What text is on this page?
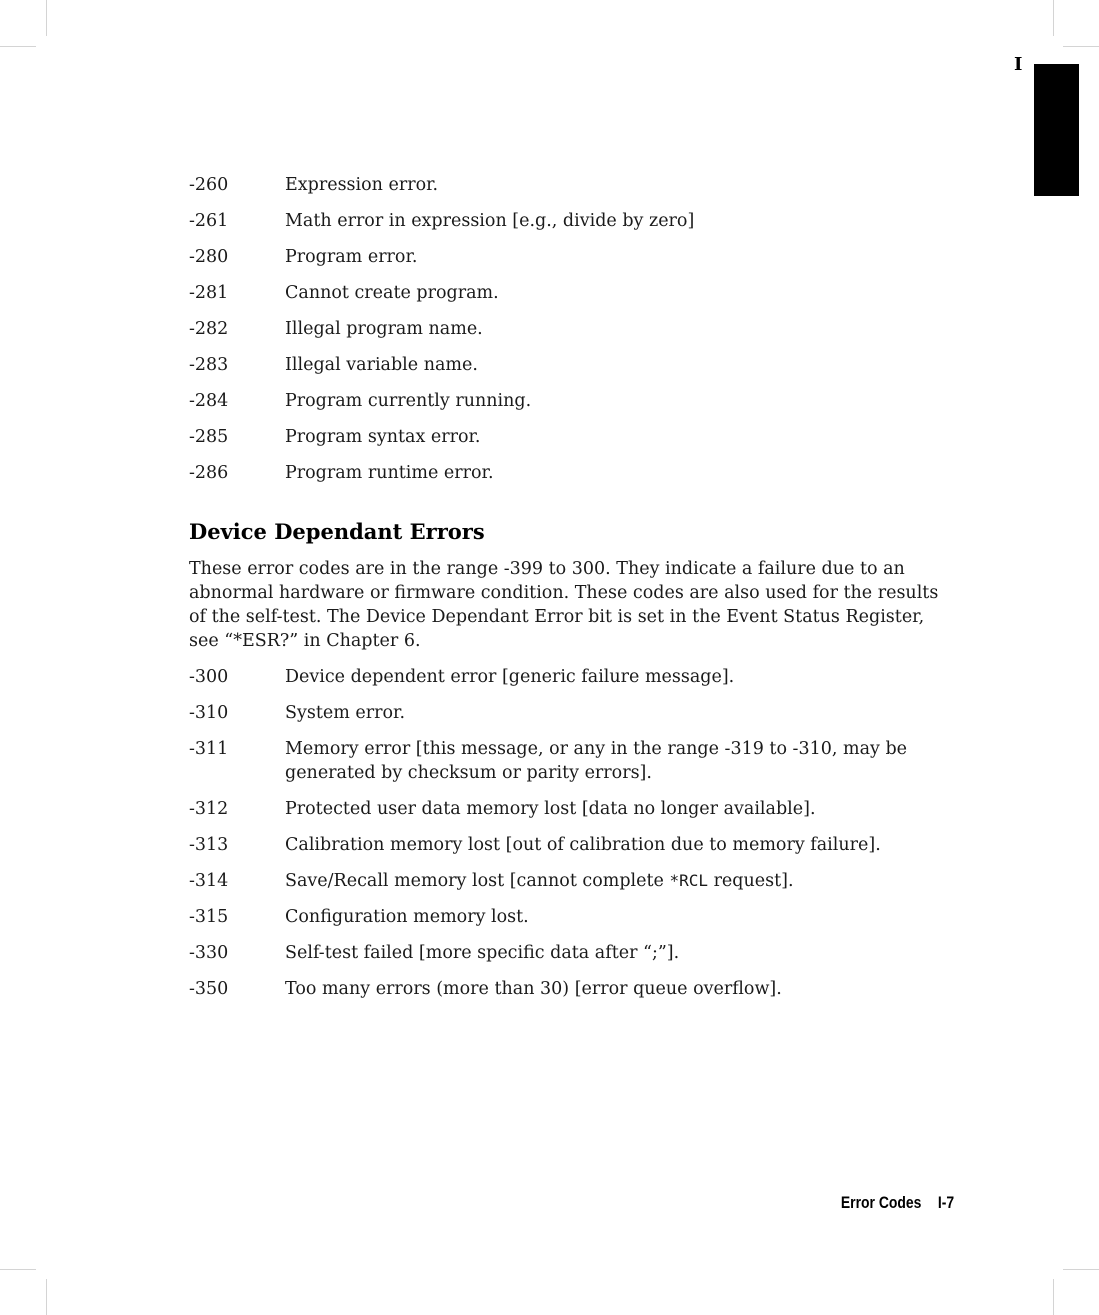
I
-260	Expression error.
-261	Math error in expression [e.g., divide by zero]
-280	Program error.
-281	Cannot create program.
-282	Illegal program name.
-283	Illegal variable name.
-284	Program currently running.
-285	Program syntax error.
-286	Program runtime error.
Device Dependant Errors

These error codes are in the range -399 to 300. They indicate a failure due to an abnormal hardware or firmware condition. These codes are also used for the results of the self-test. The Device Dependant Error bit is set in the Event Status Register, see “*ESR?” in Chapter 6.

-300	Device dependent error [generic failure message].
-310	System error.
-311	Memory error [this message, or any in the range -319 to -310, may be generated by checksum or parity errors].
-312	Protected user data memory lost [data no longer available].
-313	Calibration memory lost [out of calibration due to memory failure].
-314	Save/Recall memory lost [cannot complete *RCL request].
-315	Configuration memory lost.
-330	Self-test failed [more specific data after “;”].
-350	Too many errors (more than 30) [error queue overflow].
Error Codes I-7
